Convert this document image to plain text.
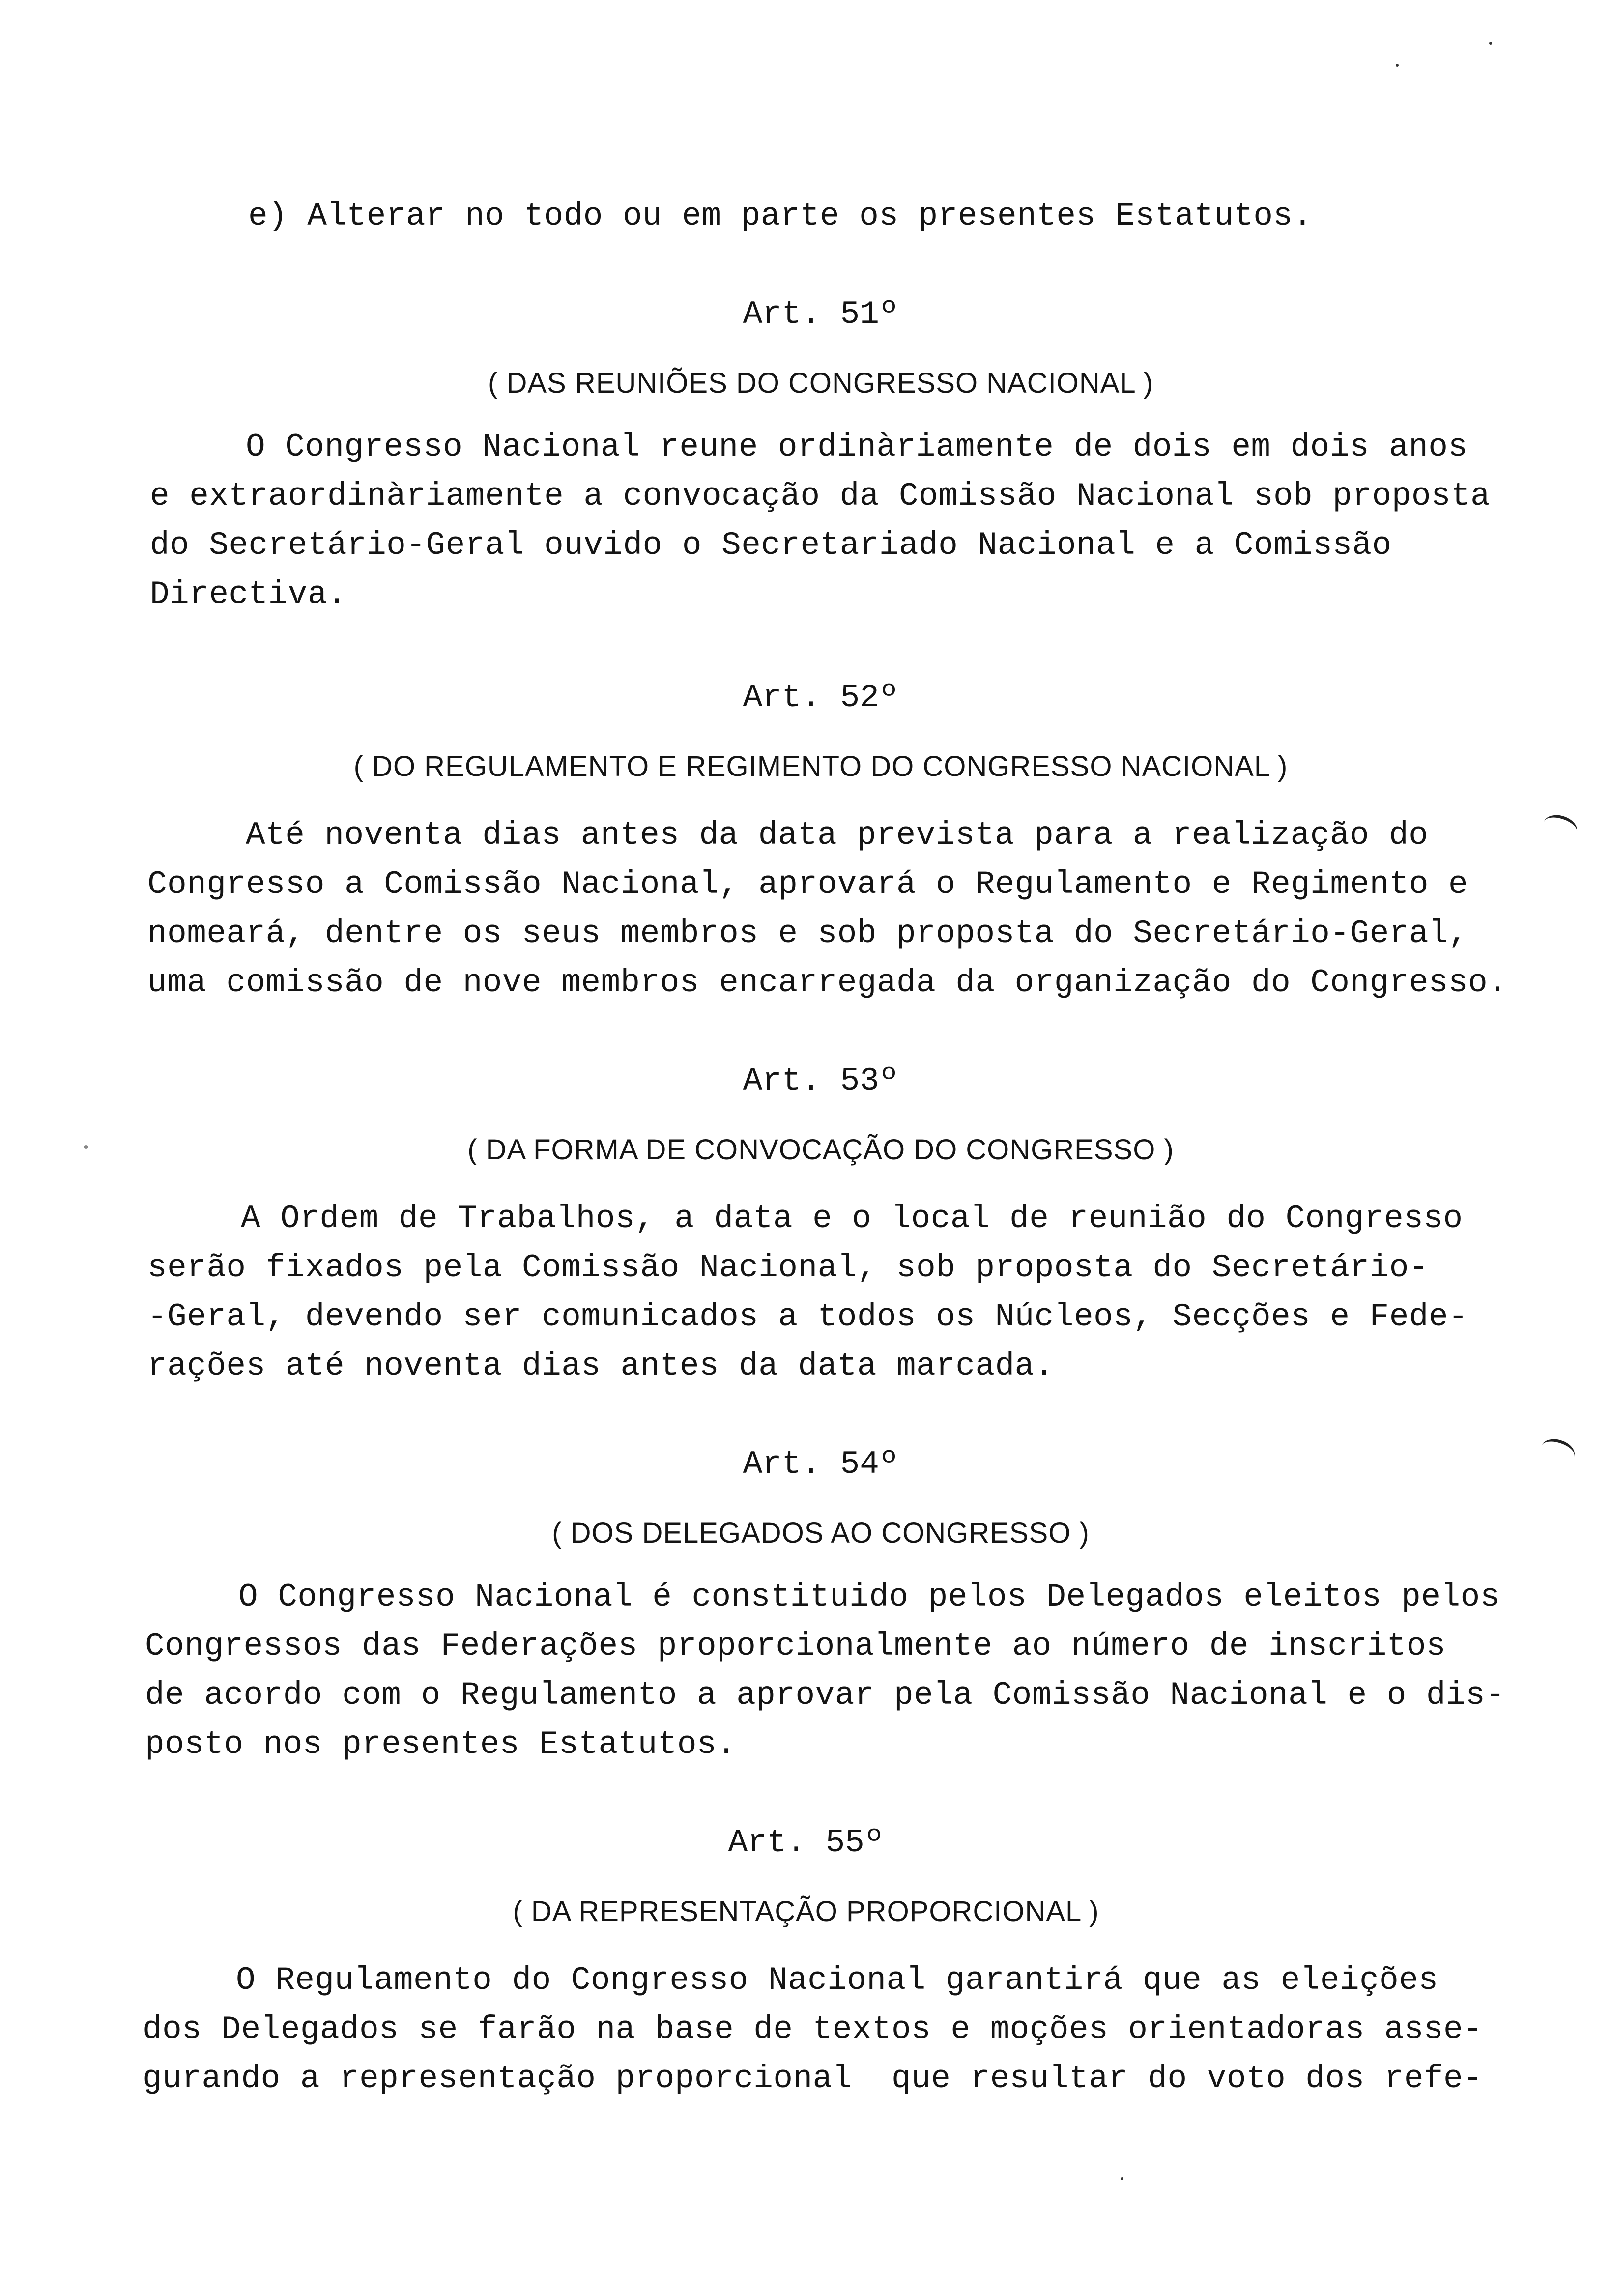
e) Alterar no todo ou em parte os presentes Estatutos.
Art. 51º
( DAS REUNIÕES DO CONGRESSO NACIONAL )
O Congresso Nacional reune ordinàriamente de dois em dois anos
e extraordinàriamente a convocação da Comissão Nacional sob proposta
do Secretário-Geral ouvido o Secretariado Nacional e a Comissão
Directiva.
Art. 52º
( DO REGULAMENTO E REGIMENTO DO CONGRESSO NACIONAL )
Até noventa dias antes da data prevista para a realização do
Congresso a Comissão Nacional, aprovará o Regulamento e Regimento e
nomeará, dentre os seus membros e sob proposta do Secretário-Geral,
uma comissão de nove membros encarregada da organização do Congresso.
Art. 53º
( DA FORMA DE CONVOCAÇÃO DO CONGRESSO )
A Ordem de Trabalhos, a data e o local de reunião do Congresso
serão fixados pela Comissão Nacional, sob proposta do Secretário-
-Geral, devendo ser comunicados a todos os Núcleos, Secções e Fede-
rações até noventa dias antes da data marcada.
Art. 54º
( DOS DELEGADOS AO CONGRESSO )
O Congresso Nacional é constituido pelos Delegados eleitos pelos
Congressos das Federações proporcionalmente ao número de inscritos
de acordo com o Regulamento a aprovar pela Comissão Nacional e o dis-
posto nos presentes Estatutos.
Art. 55º
( DA REPRESENTAÇÃO PROPORCIONAL )
O Regulamento do Congresso Nacional garantirá que as eleições
dos Delegados se farão na base de textos e moções orientadoras asse-
gurando a representação proporcional  que resultar do voto dos refe-
